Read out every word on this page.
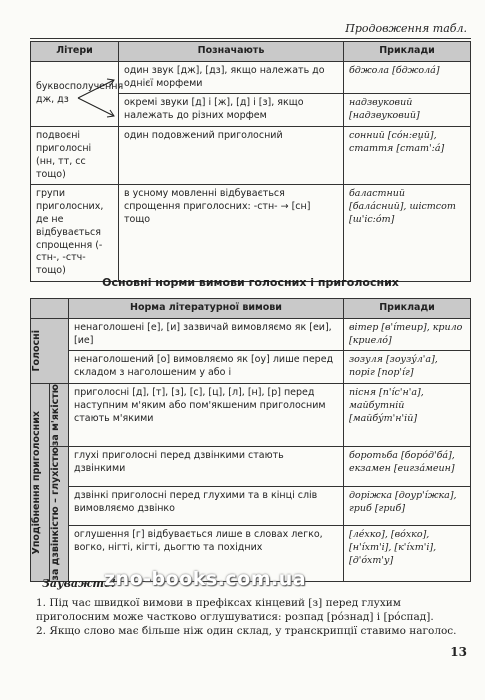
Продовження табл.
Літери	Позначають	Приклади

буквосполучення дж, дз	один звук [дж], [дз], якщо належать до однієї морфеми	бджола [бджола́]
	окремі звуки [д] і [ж], [д] і [з], якщо належать до різних морфем	надзвуковий [надзвуковий]
подвоєні приголосні (нн, тт, сс тощо)	один подовжений приголосний	сонний [со́н:еи̯й], стаття [стат':а́]
групи приголосних, де не відбувається спрощення (-стн-, -стч- тощо)	в усному мовленні відбувається спрощення приголосних: -стн- → [сн] тощо	баластний [бала́сний], шістсот [ш'іс:о́т]
Основні норми вимови голосних і приголосних
		Норма літературної вимови	Приклади

Голосні		ненаголошені [е], [и] зазвичай вимовляємо як [еи], [ие]	вітер [в'і́теир], крило [криело́]
		ненаголошений [о] вимовляємо як [оу] лише перед складом з наголошеним у або і	зозуля [зоузу́л'а], поріг [пор'і́г]

Уподібнення приголосних	за м'якістю	приголосні [д], [т], [з], [с], [ц], [л], [н], [р] перед наступним м'яким або пом'якшеним приголосним стають м'якими	пісня [п'і́с'н'а], майбутній [майбу́т'н'ій]

	за дзвінкістю – глухістю	глухі приголосні перед дзвінкими стають дзвінкими	боротьба [боро́д'ба́], екзамен [еигза́меин]
		дзвінкі приголосні перед глухими та в кінці слів вимовляємо дзвінко	доріжка [доур'і́жка], гриб [гриб]
		оглушення [г] відбувається лише в словах легко, вогко, нігті, кігті, дьогтю та похідних	[ле́хко], [во́хко], [н'і́хт'і], [к'і́хт'і], [д'о́хт'у]
Зауважте!
zno-books.com.ua
1. Під час швидкої вимови в префіксах кінцевий [з] перед глухим приголосним може частково оглушуватися: розпад [ро́знад] і [ро́спад].
2. Якщо слово має більше ніж один склад, у транскрипції ставимо наголос.
13
